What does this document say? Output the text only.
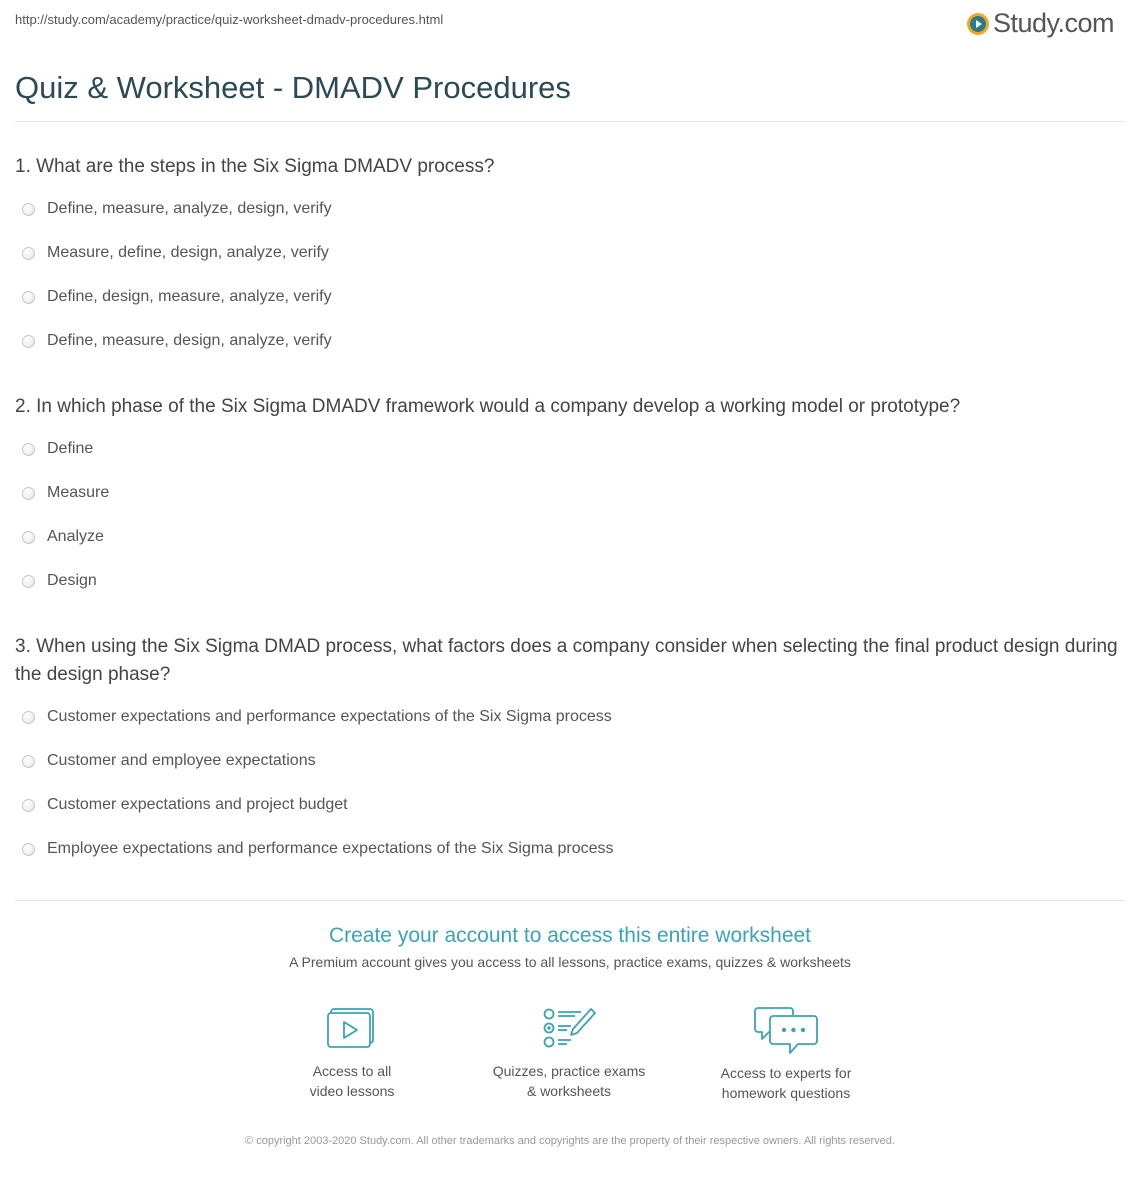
http://study.com/academy/practice/quiz-worksheet-dmadv-procedures.html	Study.com
Quiz & Worksheet - DMADV Procedures
1. What are the steps in the Six Sigma DMADV process?
Define, measure, analyze, design, verify
Measure, define, design, analyze, verify
Define, design, measure, analyze, verify
Define, measure, design, analyze, verify
2. In which phase of the Six Sigma DMADV framework would a company develop a working model or prototype?
Define
Measure
Analyze
Design
3. When using the Six Sigma DMAD process, what factors does a company consider when selecting the final product design during the design phase?
Customer expectations and performance expectations of the Six Sigma process
Customer and employee expectations
Customer expectations and project budget
Employee expectations and performance expectations of the Six Sigma process
Create your account to access this entire worksheet
A Premium account gives you access to all lessons, practice exams, quizzes & worksheets
Access to all
video lessons
Quizzes, practice exams
& worksheets
Access to experts for
homework questions
© copyright 2003-2020 Study.com. All other trademarks and copyrights are the property of their respective owners. All rights reserved.
